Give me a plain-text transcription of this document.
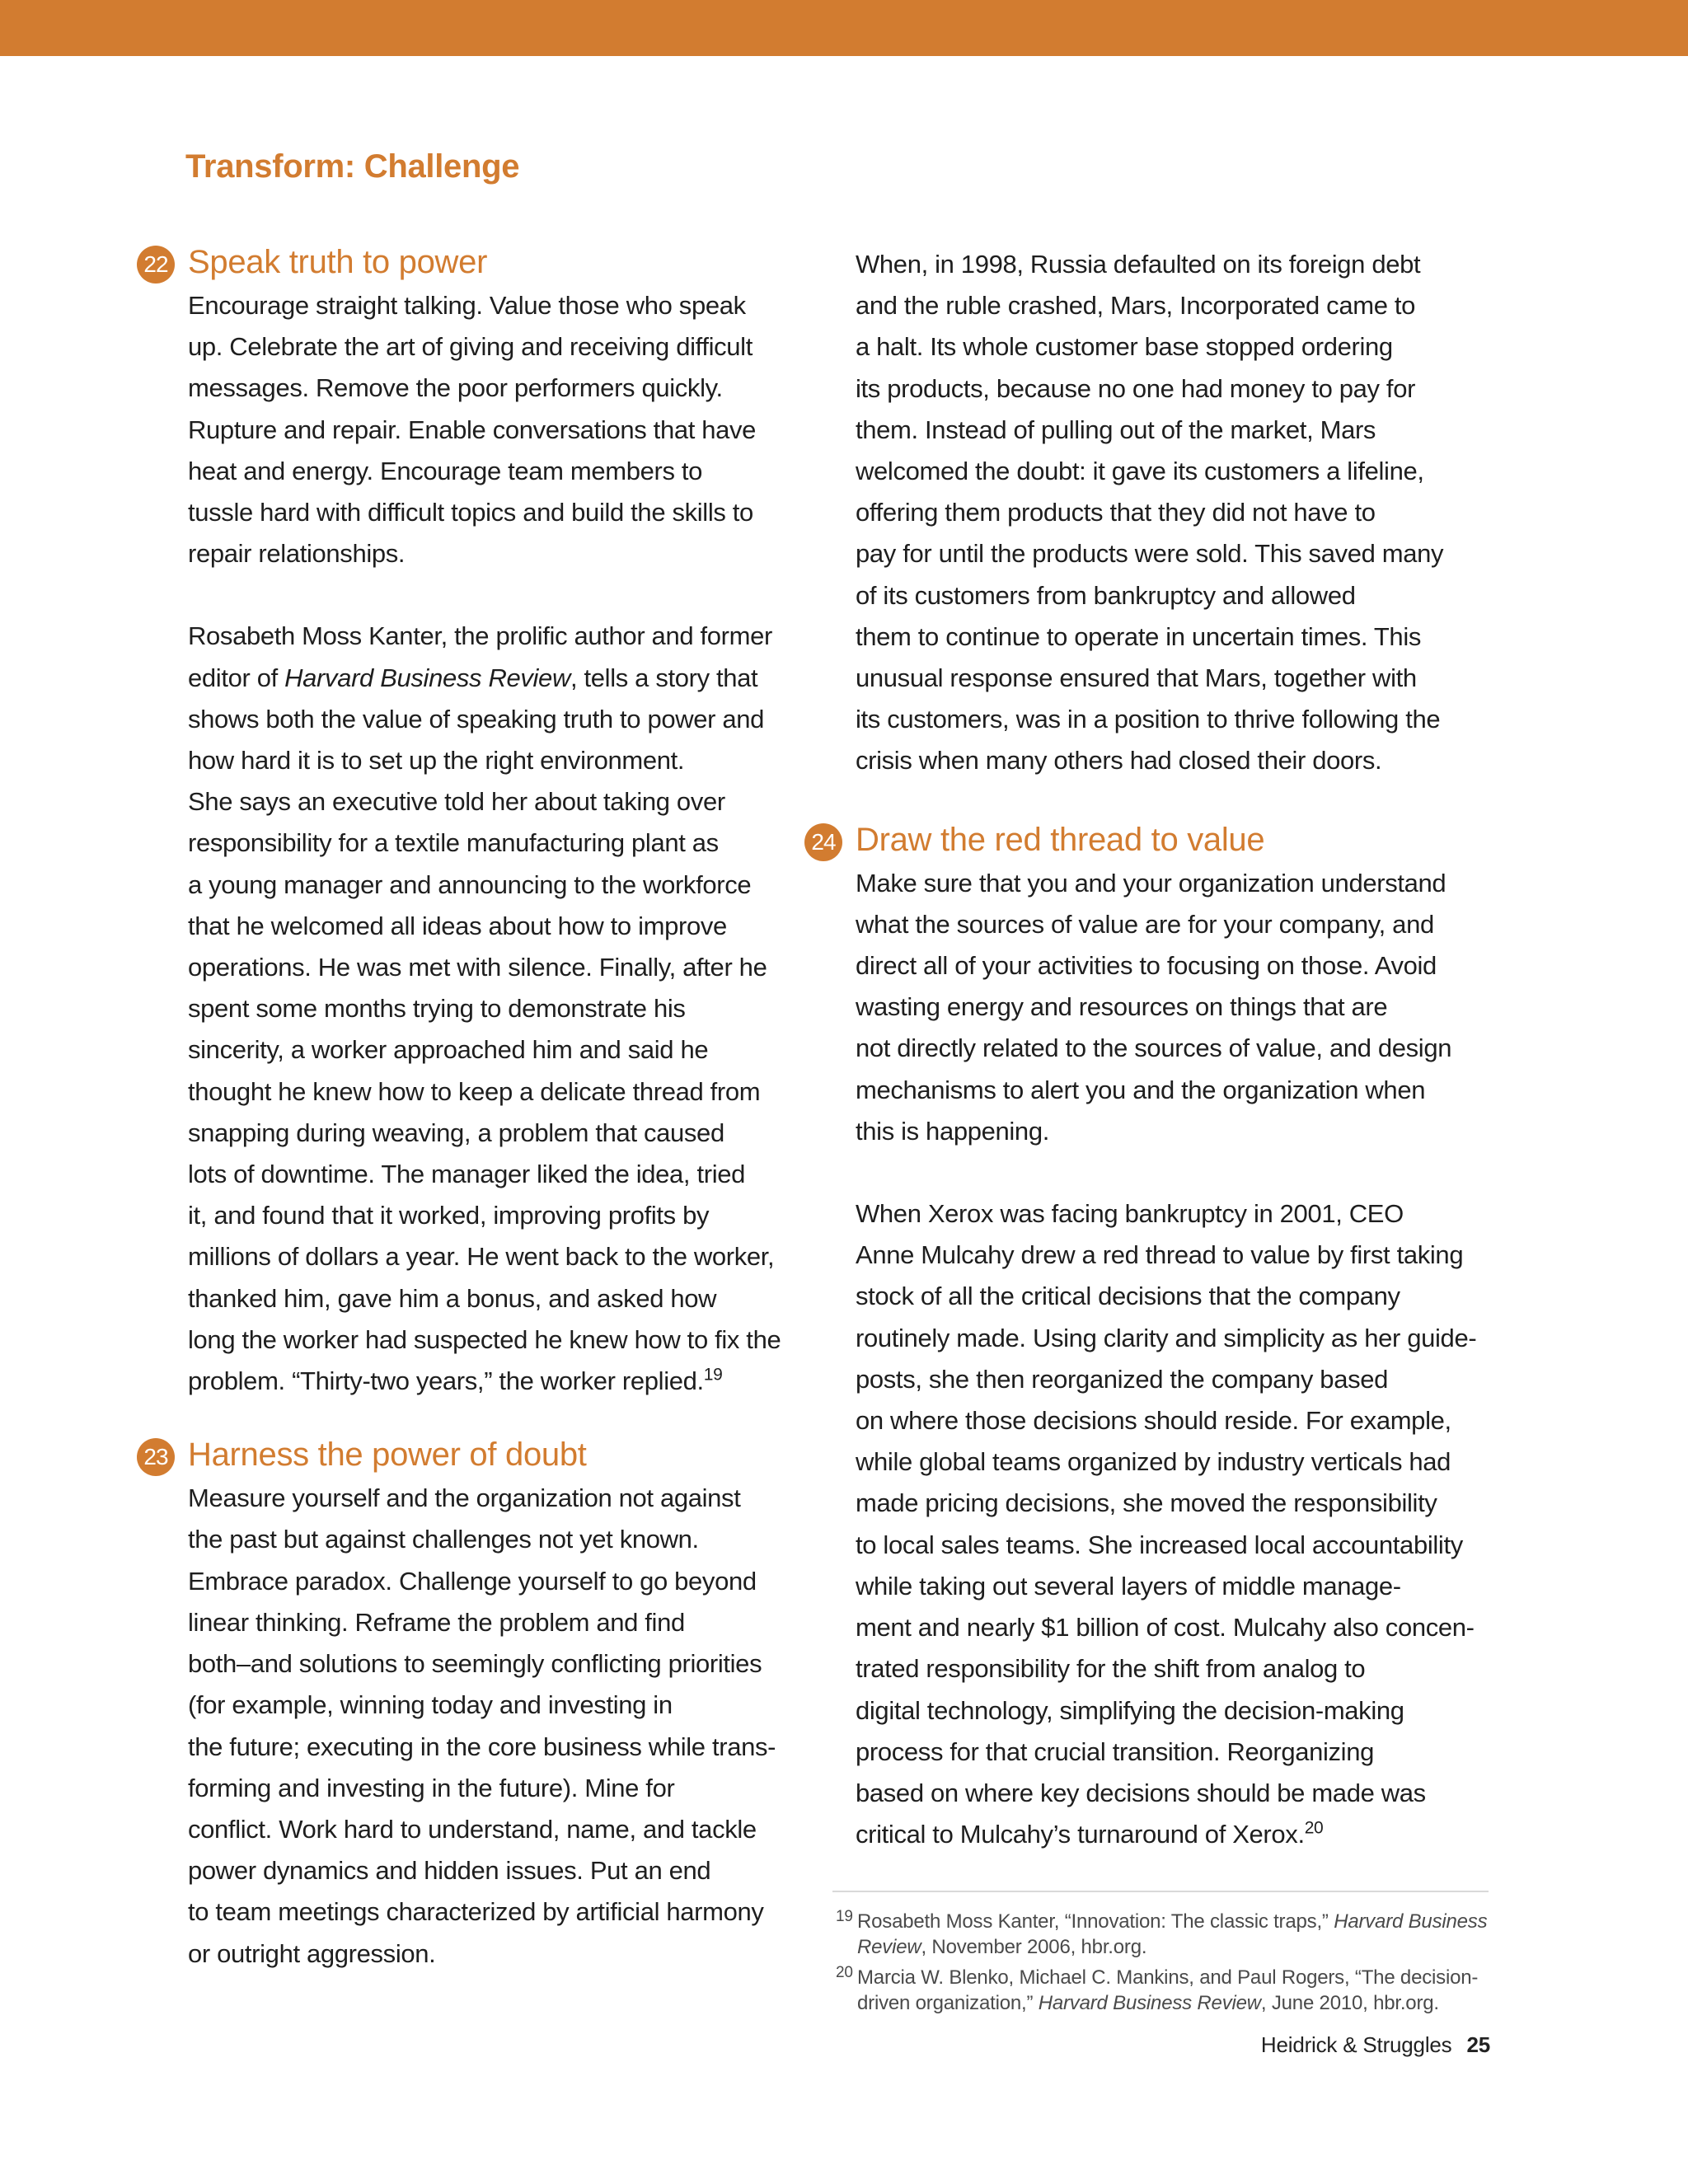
Transform: Challenge
22 Speak truth to power

Encourage straight talking. Value those who speak
up. Celebrate the art of giving and receiving difficult
messages. Remove the poor performers quickly.
Rupture and repair. Enable conversations that have
heat and energy. Encourage team members to
tussle hard with difficult topics and build the skills to
repair relationships.

Rosabeth Moss Kanter, the prolific author and former
editor of Harvard Business Review, tells a story that
shows both the value of speaking truth to power and
how hard it is to set up the right environment.
She says an executive told her about taking over
responsibility for a textile manufacturing plant as
a young manager and announcing to the workforce
that he welcomed all ideas about how to improve
operations. He was met with silence. Finally, after he
spent some months trying to demonstrate his
sincerity, a worker approached him and said he
thought he knew how to keep a delicate thread from
snapping during weaving, a problem that caused
lots of downtime. The manager liked the idea, tried
it, and found that it worked, improving profits by
millions of dollars a year. He went back to the worker,
thanked him, gave him a bonus, and asked how
long the worker had suspected he knew how to fix the
problem. “Thirty-two years,” the worker replied.$^{19}$

23 Harness the power of doubt

Measure yourself and the organization not against
the past but against challenges not yet known.
Embrace paradox. Challenge yourself to go beyond
linear thinking. Reframe the problem and find
both–and solutions to seemingly conflicting priorities
(for example, winning today and investing in
the future; executing in the core business while trans-
forming and investing in the future). Mine for
conflict. Work hard to understand, name, and tackle
power dynamics and hidden issues. Put an end
to team meetings characterized by artificial harmony
or outright aggression.

When, in 1998, Russia defaulted on its foreign debt
and the ruble crashed, Mars, Incorporated came to
a halt. Its whole customer base stopped ordering
its products, because no one had money to pay for
them. Instead of pulling out of the market, Mars
welcomed the doubt: it gave its customers a lifeline,
offering them products that they did not have to
pay for until the products were sold. This saved many
of its customers from bankruptcy and allowed
them to continue to operate in uncertain times. This
unusual response ensured that Mars, together with
its customers, was in a position to thrive following the
crisis when many others had closed their doors.

24 Draw the red thread to value

Make sure that you and your organization understand
what the sources of value are for your company, and
direct all of your activities to focusing on those. Avoid
wasting energy and resources on things that are
not directly related to the sources of value, and design
mechanisms to alert you and the organization when
this is happening.

When Xerox was facing bankruptcy in 2001, CEO
Anne Mulcahy drew a red thread to value by first taking
stock of all the critical decisions that the company
routinely made. Using clarity and simplicity as her guide-
posts, she then reorganized the company based
on where those decisions should reside. For example,
while global teams organized by industry verticals had
made pricing decisions, she moved the responsibility
to local sales teams. She increased local accountability
while taking out several layers of middle manage-
ment and nearly $1 billion of cost. Mulcahy also concen-
trated responsibility for the shift from analog to
digital technology, simplifying the decision-making
process for that crucial transition. Reorganizing
based on where key decisions should be made was
critical to Mulcahy’s turnaround of Xerox.$^{20}$

19 Rosabeth Moss Kanter, “Innovation: The classic traps,” Harvard Business Review, November 2006, hbr.org.

20 Marcia W. Blenko, Michael C. Mankins, and Paul Rogers, “The decision-driven organization,” Harvard Business Review, June 2010, hbr.org.

Heidrick & Struggles 25
